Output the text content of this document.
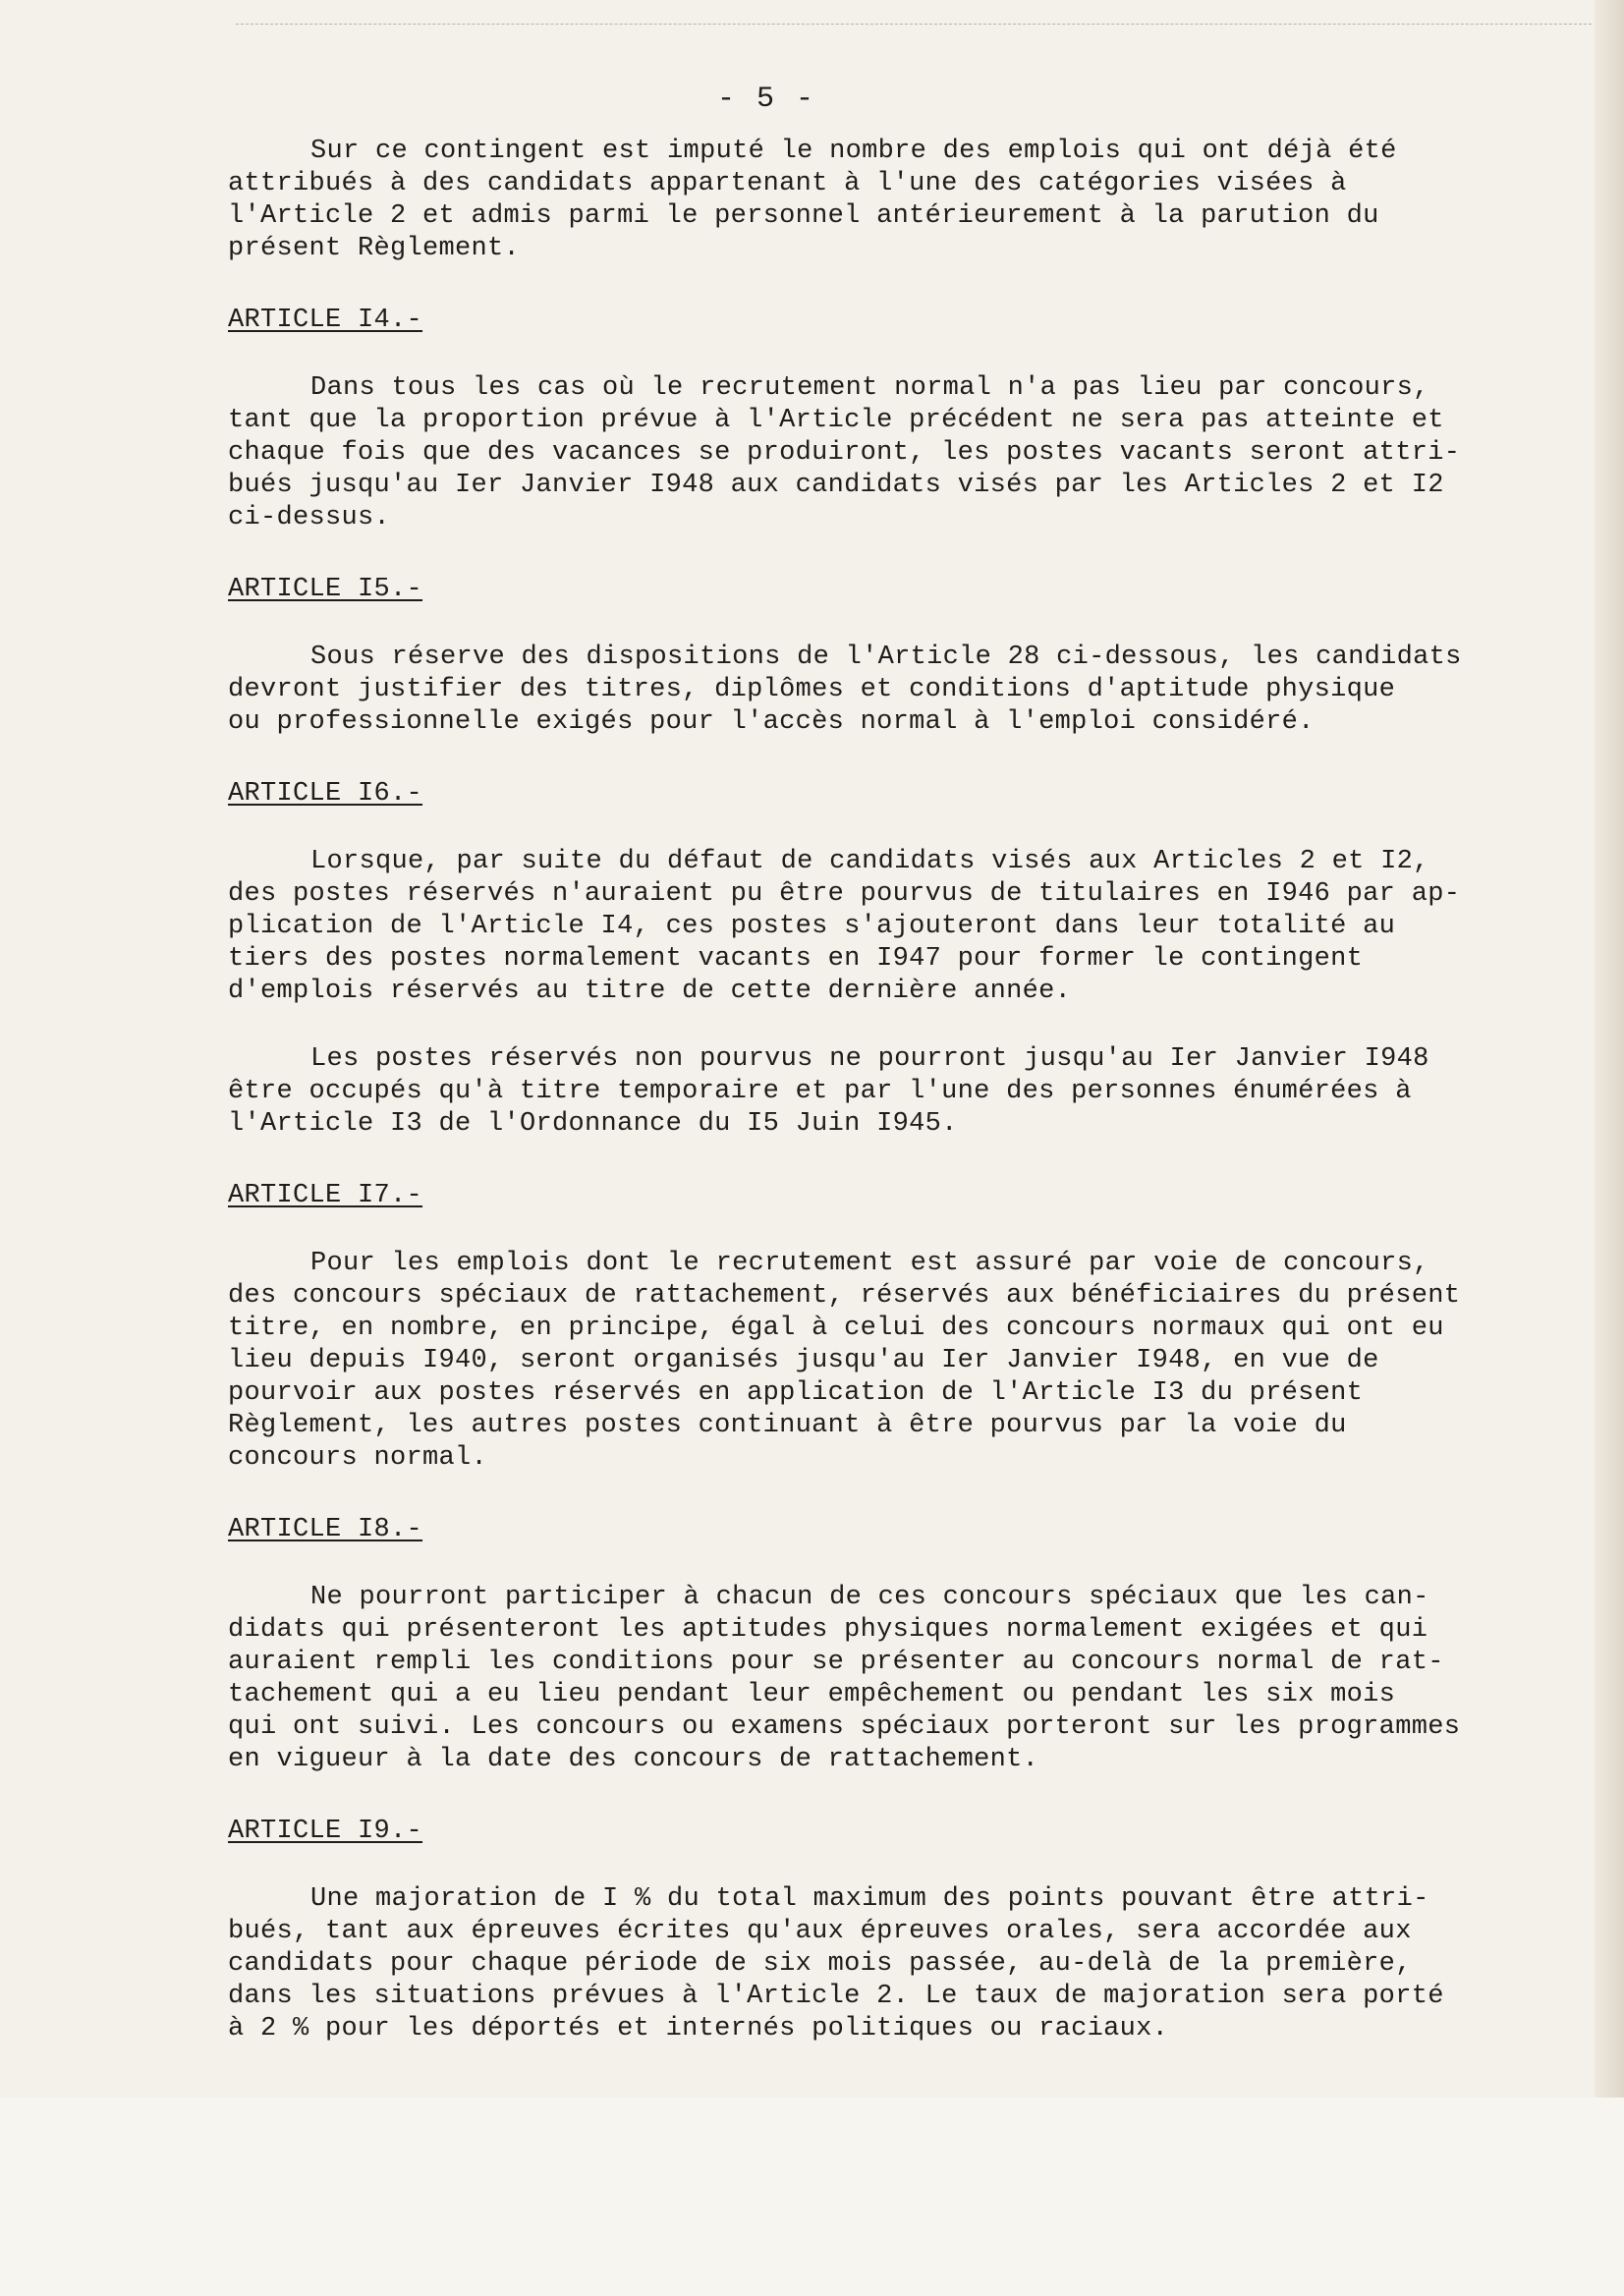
- 5 -
Sur ce contingent est imputé le nombre des emplois qui ont déjà été
attribués à des candidats appartenant à l'une des catégories visées à
l'Article 2 et admis parmi le personnel antérieurement à la parution du
présent Règlement.
ARTICLE I4.-
Dans tous les cas où le recrutement normal n'a pas lieu par concours,
tant que la proportion prévue à l'Article précédent ne sera pas atteinte et
chaque fois que des vacances se produiront, les postes vacants seront attri-
bués jusqu'au Ier Janvier I948 aux candidats visés par les Articles 2 et I2
ci-dessus.
ARTICLE I5.-
Sous réserve des dispositions de l'Article 28 ci-dessous, les candidats
devront justifier des titres, diplômes et conditions d'aptitude physique
ou professionnelle exigés pour l'accès normal à l'emploi considéré.
ARTICLE I6.-
Lorsque, par suite du défaut de candidats visés aux Articles 2 et I2,
des postes réservés n'auraient pu être pourvus de titulaires en I946 par ap-
plication de l'Article I4, ces postes s'ajouteront dans leur totalité au
tiers des postes normalement vacants en I947 pour former le contingent
d'emplois réservés au titre de cette dernière année.
Les postes réservés non pourvus ne pourront jusqu'au Ier Janvier I948
être occupés qu'à titre temporaire et par l'une des personnes énumérées à
l'Article I3 de l'Ordonnance du I5 Juin I945.
ARTICLE I7.-
Pour les emplois dont le recrutement est assuré par voie de concours,
des concours spéciaux de rattachement, réservés aux bénéficiaires du présent
titre, en nombre, en principe, égal à celui des concours normaux qui ont eu
lieu depuis I940, seront organisés jusqu'au Ier Janvier I948, en vue de
pourvoir aux postes réservés en application de l'Article I3 du présent
Règlement, les autres postes continuant à être pourvus par la voie du
concours normal.
ARTICLE I8.-
Ne pourront participer à chacun de ces concours spéciaux que les can-
didats qui présenteront les aptitudes physiques normalement exigées et qui
auraient rempli les conditions pour se présenter au concours normal de rat-
tachement qui a eu lieu pendant leur empêchement ou pendant les six mois
qui ont suivi. Les concours ou examens spéciaux porteront sur les programmes
en vigueur à la date des concours de rattachement.
ARTICLE I9.-
Une majoration de I % du total maximum des points pouvant être attri-
bués, tant aux épreuves écrites qu'aux épreuves orales, sera accordée aux
candidats pour chaque période de six mois passée, au-delà de la première,
dans les situations prévues à l'Article 2. Le taux de majoration sera porté
à 2 % pour les déportés et internés politiques ou raciaux.
